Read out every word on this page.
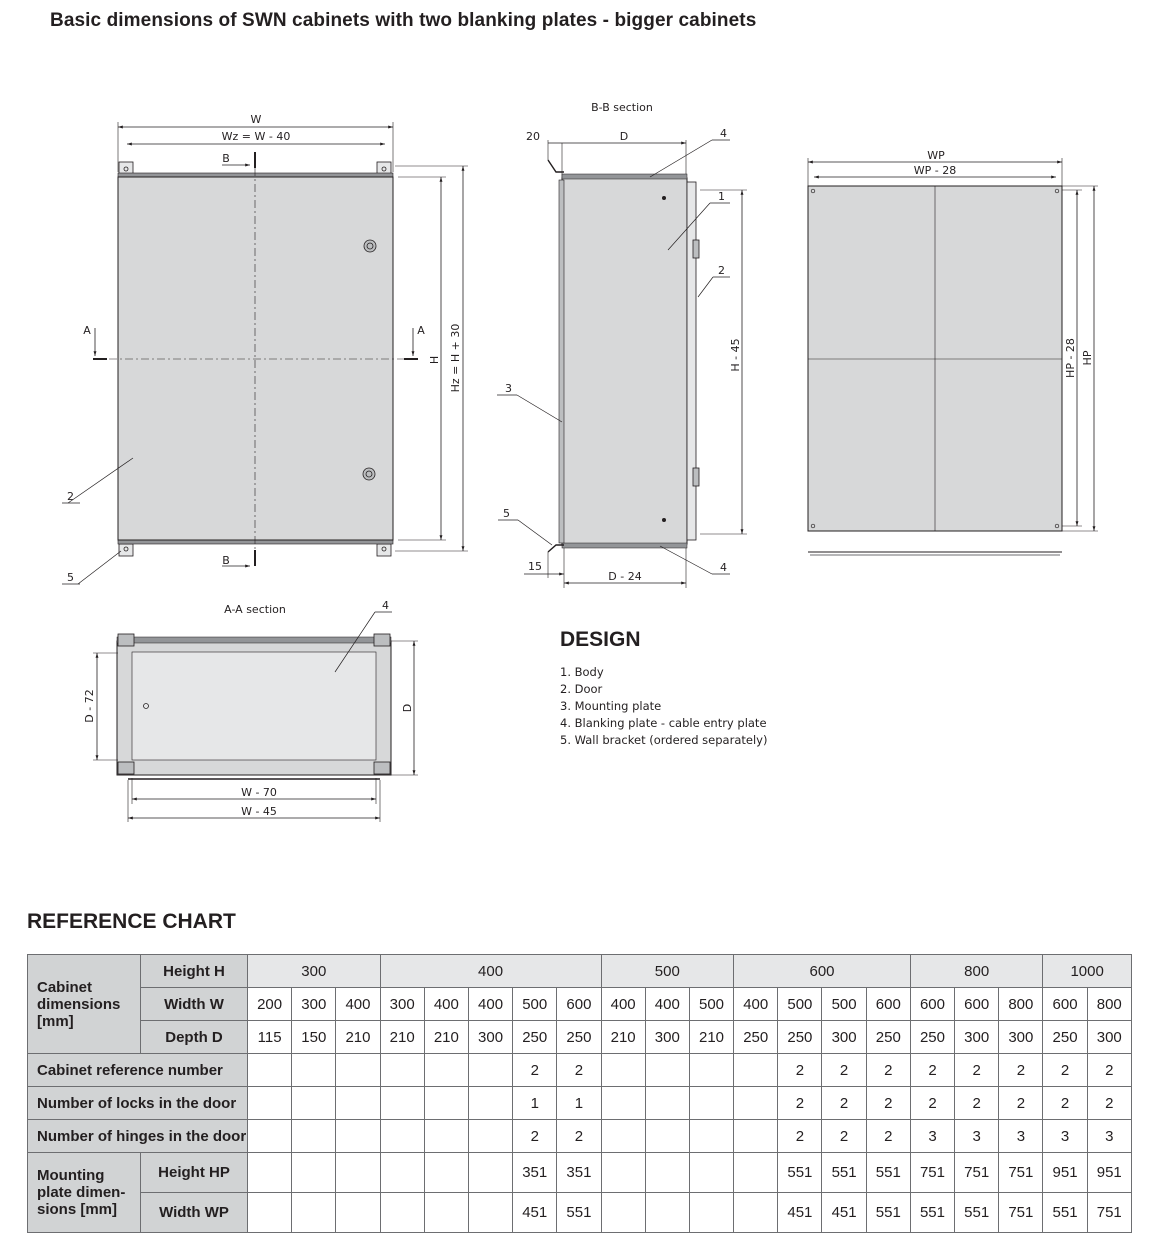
Basic dimensions of SWN cabinets with two blanking plates - bigger cabinets
W
Wz = W - 40
B
B
A	A
H Hz = H + 30
2
5
B-B section
20	D
H - 45
D - 24
15
4
1
2
3
5
4
WP
WP - 28
HP - 28 HP
A-A section	4
D - 72	D
W - 70
W - 45
DESIGN
1. Body
2. Door
3. Mounting plate
4. Blanking plate - cable entry plate
5. Wall bracket (ordered separately)
REFERENCE CHART
Cabinet dimensions [mm]	Height H	300			400					500			600				800			1000	
	Width W	200	300	400	300	400	400	500	600	400	400	500	400	500	500	600	600	600	800	600	800
	Depth D	115	150	210	210	210	300	250	250	210	300	210	250	250	300	250	250	300	300	250	300
Cabinet reference number								2	2					2	2	2	2	2	2	2	2
Number of locks in the door								1	1					2	2	2	2	2	2	2	2
Number of hinges in the door								2	2					2	2	2	3	3	3	3	3
Mounting plate dimen- sions [mm]	Height HP							351	351					551	551	551	751	751	751	951	951
	Width WP							451	551					451	451	551	551	551	751	551	751
